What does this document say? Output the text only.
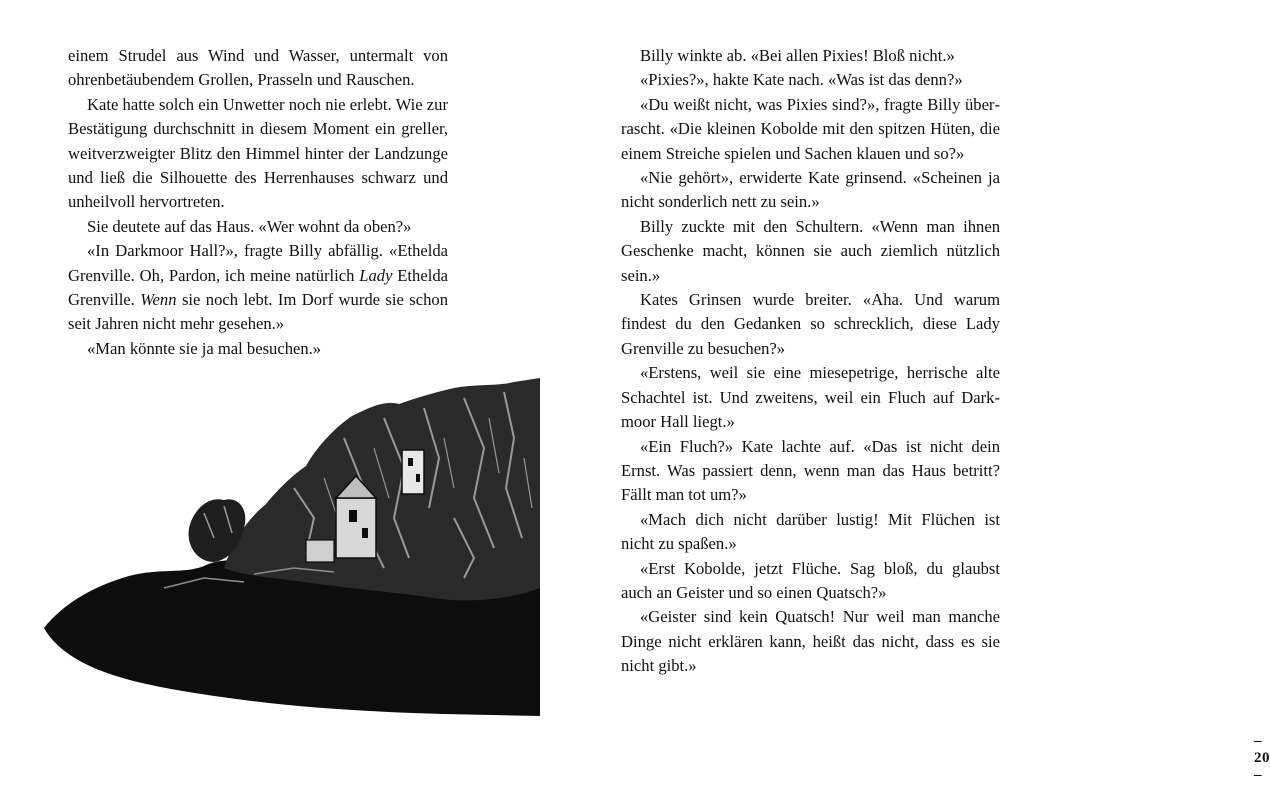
einem Strudel aus Wind und Wasser, untermalt von ohrenbetäubendem Grollen, Prasseln und Rauschen.

Kate hatte solch ein Unwetter noch nie erlebt. Wie zur Bestätigung durchschnitt in diesem Moment ein greller, weitverzweigter Blitz den Himmel hinter der Landzunge und ließ die Silhouette des Herrenhauses schwarz und unheilvoll hervortreten.

Sie deutete auf das Haus. «Wer wohnt da oben?»

«In Darkmoor Hall?», fragte Billy abfällig. «Ethelda Grenville. Oh, Pardon, ich meine natürlich Lady Ethelda Grenville. Wenn sie noch lebt. Im Dorf wurde sie schon seit Jahren nicht mehr gesehen.»

«Man könnte sie ja mal besuchen.»

Billy winkte ab. «Bei allen Pixies! Bloß nicht.»

«Pixies?», hakte Kate nach. «Was ist das denn?»

«Du weißt nicht, was Pixies sind?», fragte Billy überrascht. «Die kleinen Kobolde mit den spitzen Hüten, die einem Streiche spielen und Sachen klauen und so?»

«Nie gehört», erwiderte Kate grinsend. «Scheinen ja nicht sonderlich nett zu sein.»

Billy zuckte mit den Schultern. «Wenn man ihnen Geschenke macht, können sie auch ziemlich nützlich sein.»

Kates Grinsen wurde breiter. «Aha. Und warum findest du den Gedanken so schrecklich, diese Lady Grenville zu besuchen?»

«Erstens, weil sie eine miesepetrige, herrische alte Schachtel ist. Und zweitens, weil ein Fluch auf Darkmoor Hall liegt.»

«Ein Fluch?» Kate lachte auf. «Das ist nicht dein Ernst. Was passiert denn, wenn man das Haus betritt? Fällt man tot um?»

«Mach dich nicht darüber lustig! Mit Flüchen ist nicht zu spaßen.»

«Erst Kobolde, jetzt Flüche. Sag bloß, du glaubst auch an Geister und so einen Quatsch?»

«Geister sind kein Quatsch! Nur weil man manche Dinge nicht erklären kann, heißt das nicht, dass es sie nicht gibt.»

– 20 –
